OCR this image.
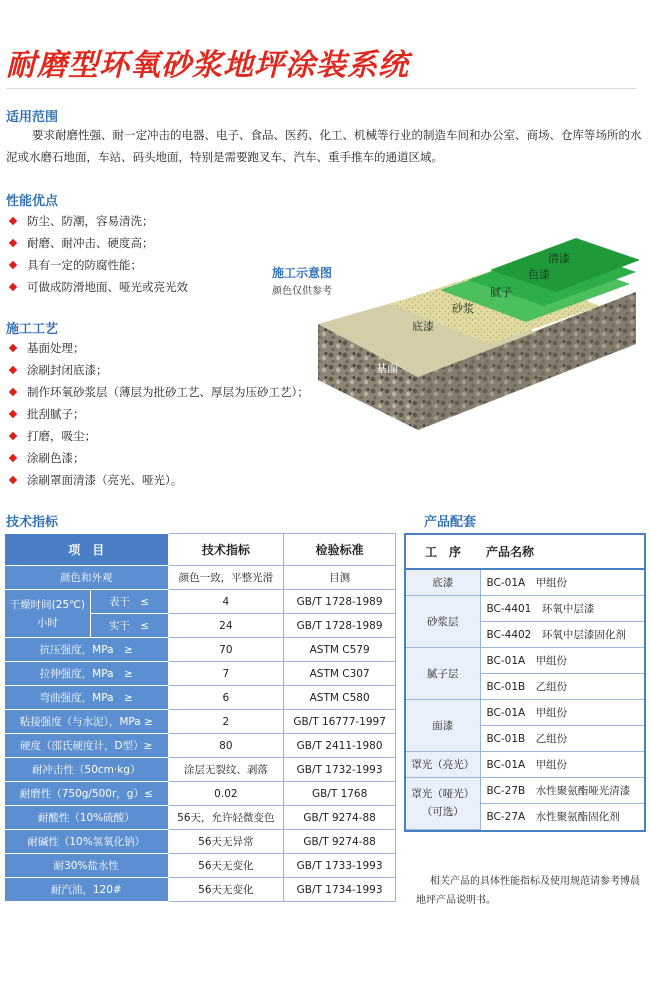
耐磨型环氧砂浆地坪涂装系统
适用范围
要求耐磨性强、耐一定冲击的电器、电子、食品、医药、化工、机械等行业的制造车间和办公室、商场、仓库等场所的水泥或水磨石地面，车站、码头地面，特别是需要跑叉车、汽车、重手推车的通道区域。
性能优点
防尘、防潮，容易清洗；
耐磨、耐冲击、硬度高；
具有一定的防腐性能；
可做成防滑地面、哑光或亮光效
施工工艺
基面处理；
涂刷封闭底漆；
制作环氧砂浆层（薄层为批砂工艺、厚层为压砂工艺）；
批刮腻子；
打磨，吸尘；
涂刷色漆；
涂刷罩面清漆（亮光、哑光）。
施工示意图
颜色仅供参考
清漆
色漆
腻子
砂浆
底漆
基面
技术指标
项　目		技术指标	检验标准
颜色和外观		颜色一致，平整光滑	目测
干燥时间(25℃)小时	表干　≤	4	GB/T 1728-1989
	实干　≤	24	GB/T 1728-1989
抗压强度，MPa　≥		70	ASTM C579
拉伸强度，MPa　≥		7	ASTM C307
弯曲强度，MPa　≥		6	ASTM C580
粘接强度（与水泥），MPa ≥		2	GB/T 16777-1997
硬度（邵氏硬度计，D型）≥		80	GB/T 2411-1980
耐冲击性（50cm·kg）		涂层无裂纹、剥落	GB/T 1732-1993
耐磨性（750g/500r，g）≤		0.02	GB/T 1768
耐酸性（10%硫酸）		56天，允许轻微变色	GB/T 9274-88
耐碱性（10%氢氧化钠）		56天无异常	GB/T 9274-88
耐30%盐水性		56天无变化	GB/T 1733-1993
耐汽油，120#		56天无变化	GB/T 1734-1993
产品配套
工　序	产品名称
底漆	BC-01A　甲组份
砂浆层	BC-4401　环氧中层漆
	BC-4402　环氧中层漆固化剂
腻子层	BC-01A　甲组份
	BC-01B　乙组份
面漆	BC-01A　甲组份
	BC-01B　乙组份
罩光（亮光）	BC-01A　甲组份
罩光（哑光）（可选）	BC-27B　水性聚氨酯哑光清漆
	BC-27A　水性聚氨酯固化剂
相关产品的具体性能指标及使用规范请参考博晨地坪产品说明书。
